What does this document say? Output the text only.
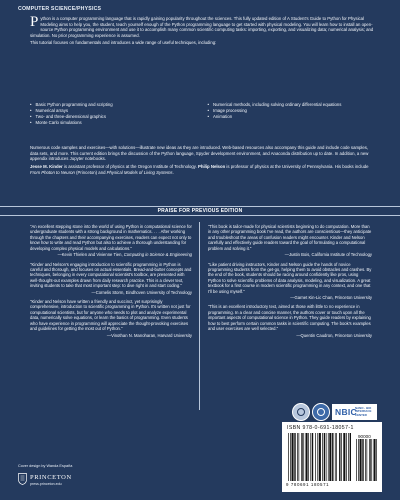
COMPUTER SCIENCE/PHYSICS

Python is a computer programming language that is rapidly gaining popularity throughout the sciences. This fully updated edition of A Student's Guide to Python for Physical Modeling aims to help you, the student, teach yourself enough of the Python programming language to get started with physical modeling. You will learn how to install an open-source Python programming environment and use it to accomplish many common scientific computing tasks: importing, exporting, and visualizing data; numerical analysis; and simulation. No prior programming experience is assumed.

This tutorial focuses on fundamentals and introduces a wide range of useful techniques, including:

• Basic Python programming and scripting
• Numerical arrays
• Two- and three-dimensional graphics
• Monte Carlo simulations
• Numerical methods, including solving ordinary differential equations
• Image processing
• Animation

Numerous code samples and exercises—with solutions—illustrate new ideas as they are introduced. Web-based resources also accompany this guide and include code samples, data sets, and more. This current edition brings the discussion of the Python language, Spyder development environment, and Anaconda distribution up to date. In addition, a new appendix introduces Jupyter notebooks.

Jesse M. Kinder is assistant professor of physics at the Oregon Institute of Technology. Philip Nelson is professor of physics at the University of Pennsylvania. His books include From Photon to Neuron (Princeton) and Physical Models of Living Systems.

PRAISE FOR PREVIOUS EDITION
"An excellent stepping stone into the world of using Python in computational science for undergraduate students with a strong background in mathematics. . . . After working through the chapters and their accompanying exercises, readers can expect not only to know how to write and read Python but also to achieve a thorough understanding for developing complex physical models and calculations."
—Kevin Thielen and Vivienne Tien, Computing in Science & Engineering
"Kinder and Nelson's engaging introduction to scientific programming in Python is careful and thorough, and focuses on actual essentials. Bread-and-butter concepts and techniques, belonging in every computational scientist's toolbox, are presented with well-thought-out examples drawn from daily research practice. This is a clever text, inviting students to take that most important step: to dive right in and start coding."
—Cornelis Storm, Eindhoven University of Technology
"Kinder and Nelson have written a friendly and succinct, yet surprisingly comprehensive, introduction to scientific programming in Python. It's written not just for computational scientists, but for anyone who needs to plot and analyze experimental data, numerically solve equations, or learn the basics of programming. Even students who have experience in programming will appreciate the thought-provoking exercises and guidelines for getting the most out of Python."
—Vinothan N. Manoharan, Harvard University
"This book is tailor-made for physical scientists beginning to do computation. More than in any other programming book I've read, the authors are conscientious—they anticipate and troubleshoot the areas of confusion readers might encounter. Kinder and Nelson carefully and effectively guide readers toward the goal of formulating a computational problem and solving it."
—Justin Bois, California Institute of Technology
"Like patient driving instructors, Kinder and Nelson guide the hands of novice programming students from the get-go, helping them to avoid obstacles and crashes. By the end of the book, students should be racing around confidently like pros, using Python to solve scientific problems of data analysis, modeling, and visualization. A great textbook for a first course in modern scientific programming in any context, and one that I'll be using myself."
—Garnet Kin-Lic Chan, Princeton University
"This is an excellent introductory text, aimed at those with little to no experience in programming. In a clear and concise manner, the authors cover or touch upon all the important aspects of computational science in Python. They guide readers by explaining how to best perform certain common tasks in scientific computing. The book's examples and user exercises are well selected."
—Quentin Caudron, Princeton University
Cover design by Wanda España
PRINCETON
press.princeton.edu
NBIC
NANO · BIO
INTERFACE
CENTER
ISBN 978-0-691-18057-1
90000
9 780691 180571
